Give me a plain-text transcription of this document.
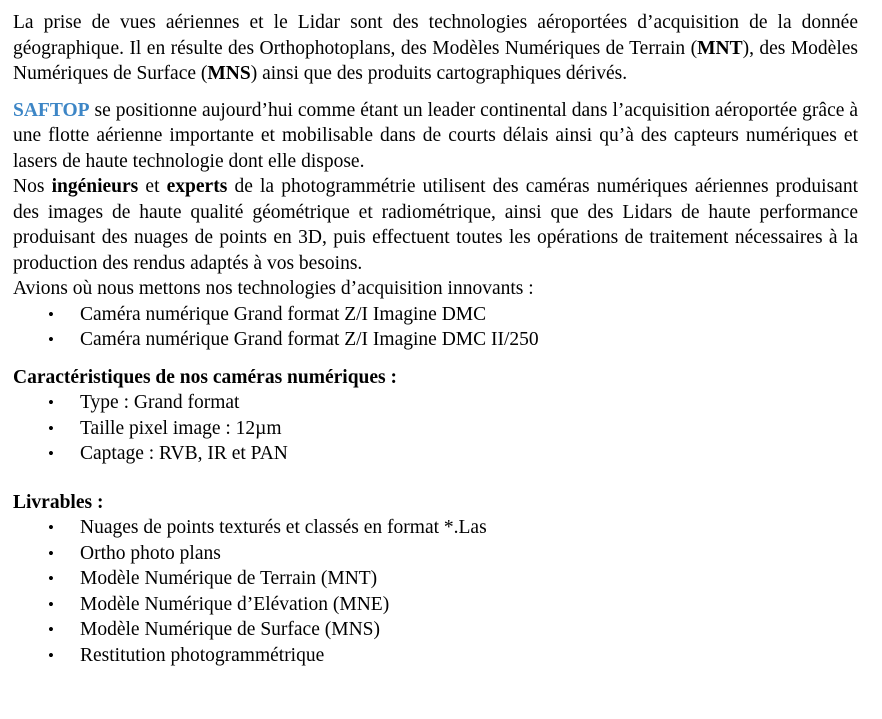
La prise de vues aériennes et le Lidar sont des technologies aéroportées d’acquisition de la donnée géographique. Il en résulte des Orthophotoplans, des Modèles Numériques de Terrain (MNT), des Modèles Numériques de Surface (MNS) ainsi que des produits cartographiques dérivés.

SAFTOP se positionne aujourd’hui comme étant un leader continental dans l’acquisition aéroportée grâce à une flotte aérienne importante et mobilisable dans de courts délais ainsi qu’à des capteurs numériques et lasers de haute technologie dont elle dispose.

Nos ingénieurs et experts de la photogrammétrie utilisent des caméras numériques aériennes produisant des images de haute qualité géométrique et radiométrique, ainsi que des Lidars de haute performance produisant des nuages de points en 3D, puis effectuent toutes les opérations de traitement nécessaires à la production des rendus adaptés à vos besoins.

Avions où nous mettons nos technologies d’acquisition innovants :

• Caméra numérique Grand format Z/I Imagine DMC
• Caméra numérique Grand format Z/I Imagine DMC II/250

Caractéristiques de nos caméras numériques :

• Type : Grand format
• Taille pixel image : 12µm
• Captage : RVB, IR et PAN

Livrables :

• Nuages de points texturés et classés en format *.Las
• Ortho photo plans
• Modèle Numérique de Terrain (MNT)
• Modèle Numérique d’Elévation (MNE)
• Modèle Numérique de Surface (MNS)
• Restitution photogrammétrique
